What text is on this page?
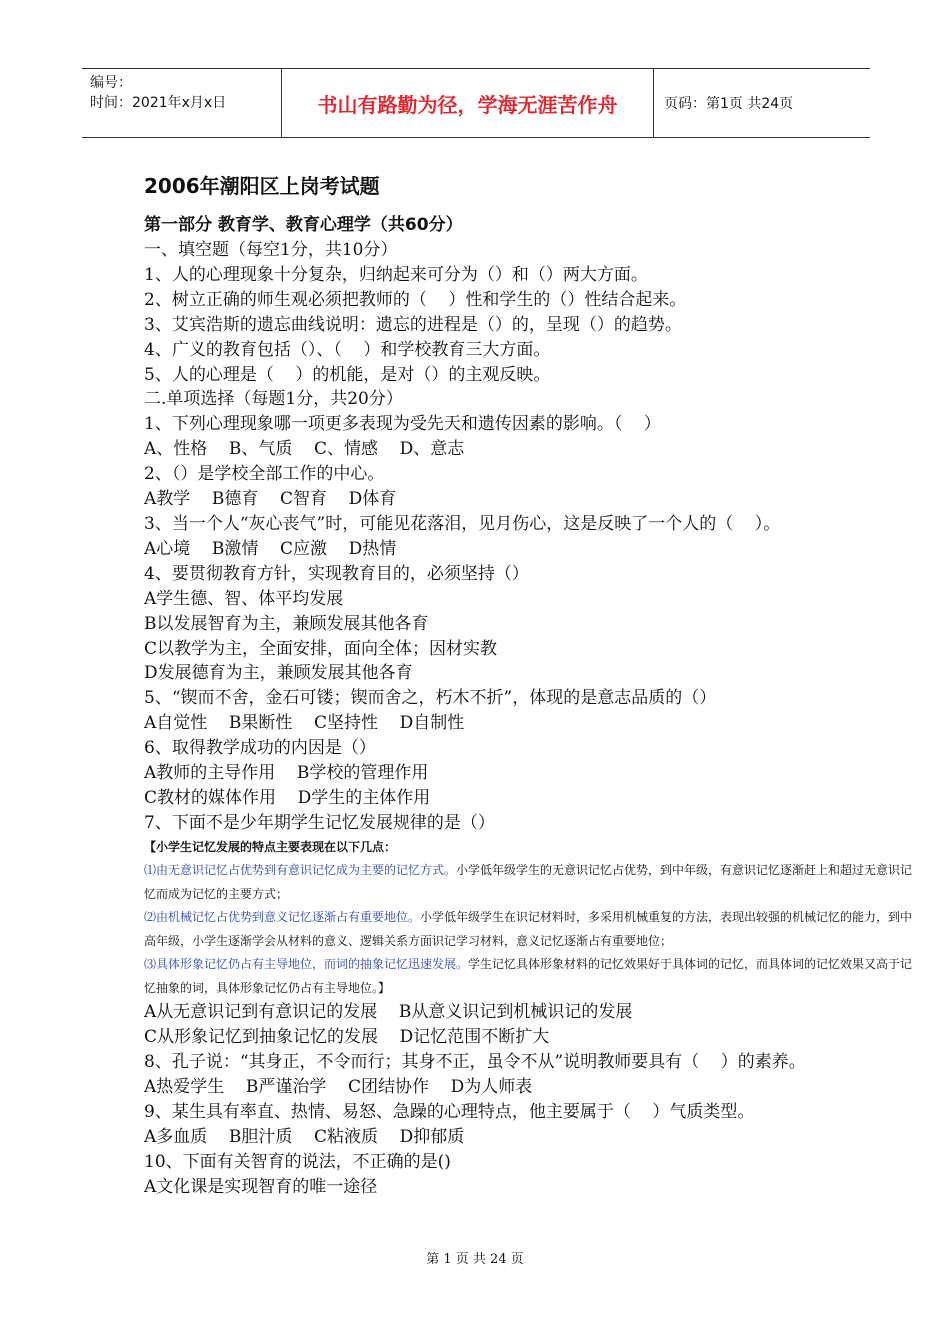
编号：
时间：2021年x月x日	书山有路勤为径，学海无涯苦作舟	页码：第1页 共24页
2006年潮阳区上岗考试题
第一部分 教育学、教育心理学（共60分）

一、填空题（每空1分，共10分）

1、人的心理现象十分复杂，归纳起来可分为（）和（）两大方面。

2、树立正确的师生观必须把教师的（    ）性和学生的（）性结合起来。

3、艾宾浩斯的遗忘曲线说明：遗忘的进程是（）的，呈现（）的趋势。

4、广义的教育包括（）、（    ）和学校教育三大方面。

5、人的心理是（    ）的机能，是对（）的主观反映。

二.单项选择（每题1分，共20分）

1、下列心理现象哪一项更多表现为受先天和遗传因素的影响。（    ）

A、性格    B、气质    C、情感    D、意志

2、（）是学校全部工作的中心。

A教学    B德育    C智育    D体育

3、当一个人“灰心丧气”时，可能见花落泪，见月伤心，这是反映了一个人的（    ）。

A心境    B激情    C应激    D热情

4、要贯彻教育方针，实现教育目的，必须坚持（）

A学生德、智、体平均发展

B以发展智育为主，兼顾发展其他各育

C以教学为主，全面安排，面向全体；因材实教

D发展德育为主，兼顾发展其他各育

5、“锲而不舍，金石可镂；锲而舍之，朽木不折”，体现的是意志品质的（）

A自觉性    B果断性    C坚持性    D自制性

6、取得教学成功的内因是（）

A教师的主导作用    B学校的管理作用

C教材的媒体作用    D学生的主体作用

7、下面不是少年期学生记忆发展规律的是（）

【小学生记忆发展的特点主要表现在以下几点：

⑴由无意识记忆占优势到有意识记忆成为主要的记忆方式。小学低年级学生的无意识记忆占优势，到中年级，有意识记忆逐渐赶上和超过无意识记忆而成为记忆的主要方式；

⑵由机械记忆占优势到意义记忆逐渐占有重要地位。小学低年级学生在识记材料时，多采用机械重复的方法，表现出较强的机械记忆的能力，到中高年级，小学生逐渐学会从材料的意义、逻辑关系方面识记学习材料，意义记忆逐渐占有重要地位；

⑶具体形象记忆仍占有主导地位，而词的抽象记忆迅速发展。学生记忆具体形象材料的记忆效果好于具体词的记忆，而具体词的记忆效果又高于记忆抽象的词，具体形象记忆仍占有主导地位。】

A从无意识记到有意识记的发展    B从意义识记到机械识记的发展

C从形象记忆到抽象记忆的发展    D记忆范围不断扩大

8、孔子说：“其身正，不令而行；其身不正，虽令不从”说明教师要具有（    ）的素养。

A热爱学生    B严谨治学    C团结协作    D为人师表

9、某生具有率直、热情、易怒、急躁的心理特点，他主要属于（    ）气质类型。

A多血质    B胆汁质    C粘液质    D抑郁质

10、下面有关智育的说法，不正确的是()

A文化课是实现智育的唯一途径

第 1 页 共 24 页
